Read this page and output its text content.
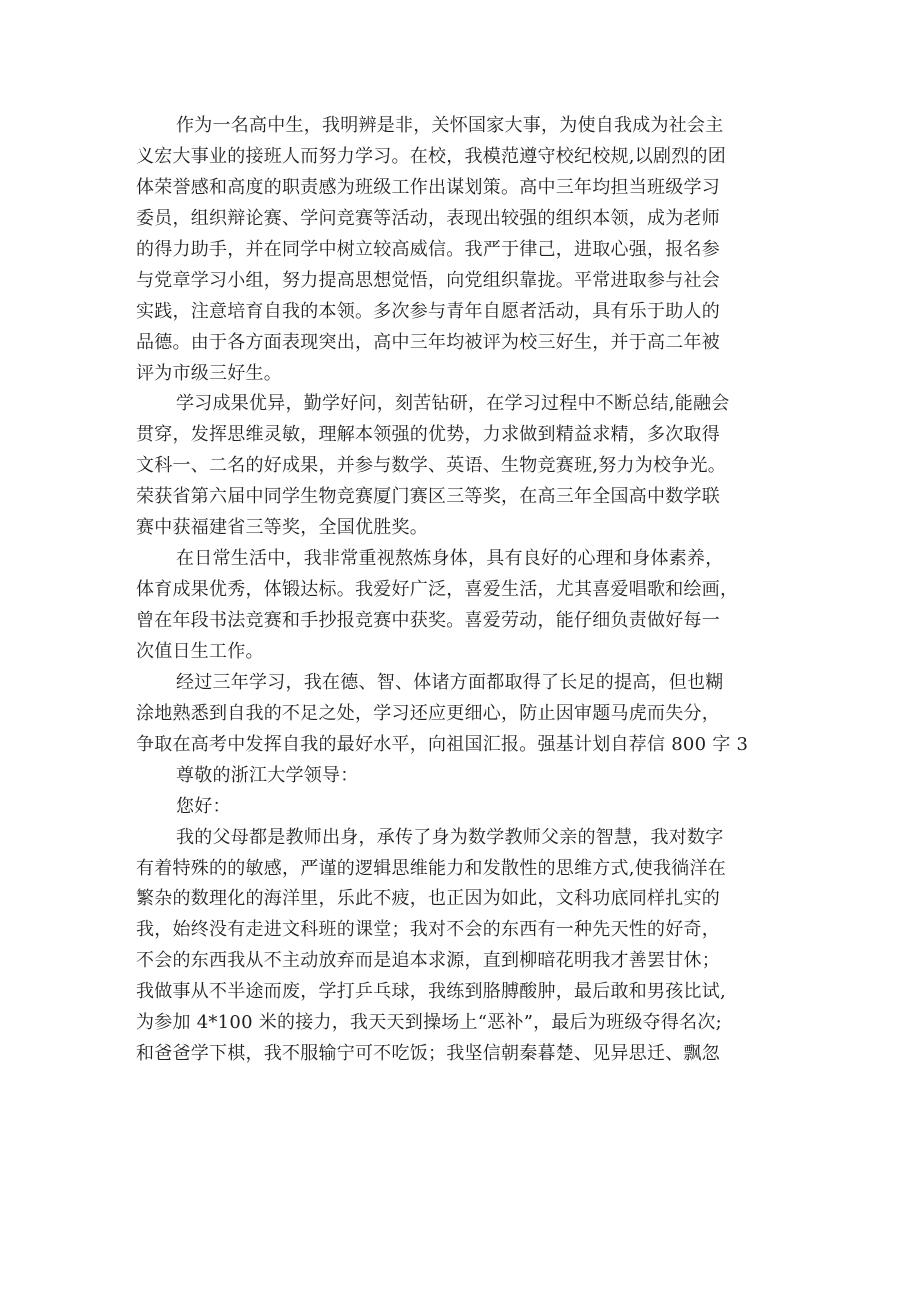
作为一名高中生，我明辨是非，关怀国家大事，为使自我成为社会主
义宏大事业的接班人而努力学习。在校，我模范遵守校纪校规,以剧烈的团
体荣誉感和高度的职责感为班级工作出谋划策。高中三年均担当班级学习
委员，组织辩论赛、学问竞赛等活动，表现出较强的组织本领，成为老师
的得力助手，并在同学中树立较高威信。我严于律己，进取心强，报名参
与党章学习小组，努力提高思想觉悟，向党组织靠拢。平常进取参与社会
实践，注意培育自我的本领。多次参与青年自愿者活动，具有乐于助人的
品德。由于各方面表现突出，高中三年均被评为校三好生，并于高二年被
评为市级三好生。
学习成果优异，勤学好问，刻苦钻研，在学习过程中不断总结,能融会
贯穿，发挥思维灵敏，理解本领强的优势，力求做到精益求精，多次取得
文科一、二名的好成果，并参与数学、英语、生物竞赛班,努力为校争光。
荣获省第六届中同学生物竞赛厦门赛区三等奖，在高三年全国高中数学联
赛中获福建省三等奖，全国优胜奖。
在日常生活中，我非常重视熬炼身体，具有良好的心理和身体素养，
体育成果优秀，体锻达标。我爱好广泛，喜爱生活，尤其喜爱唱歌和绘画，
曾在年段书法竞赛和手抄报竞赛中获奖。喜爱劳动，能仔细负责做好每一
次值日生工作。
经过三年学习，我在德、智、体诸方面都取得了长足的提高，但也糊
涂地熟悉到自我的不足之处，学习还应更细心，防止因审题马虎而失分，
争取在高考中发挥自我的最好水平，向祖国汇报。强基计划自荐信 800 字 3
尊敬的浙江大学领导：
您好：
我的父母都是教师出身，承传了身为数学教师父亲的智慧，我对数字
有着特殊的的敏感，严谨的逻辑思维能力和发散性的思维方式,使我徜洋在
繁杂的数理化的海洋里，乐此不疲，也正因为如此，文科功底同样扎实的
我，始终没有走进文科班的课堂；我对不会的东西有一种先天性的好奇，
不会的东西我从不主动放弃而是追本求源，直到柳暗花明我才善罢甘休；
我做事从不半途而废，学打乒乓球，我练到胳膊酸肿，最后敢和男孩比试,
为参加 4*100 米的接力，我天天到操场上“恶补”，最后为班级夺得名次;
和爸爸学下棋，我不服输宁可不吃饭；我坚信朝秦暮楚、见异思迁、飘忽
